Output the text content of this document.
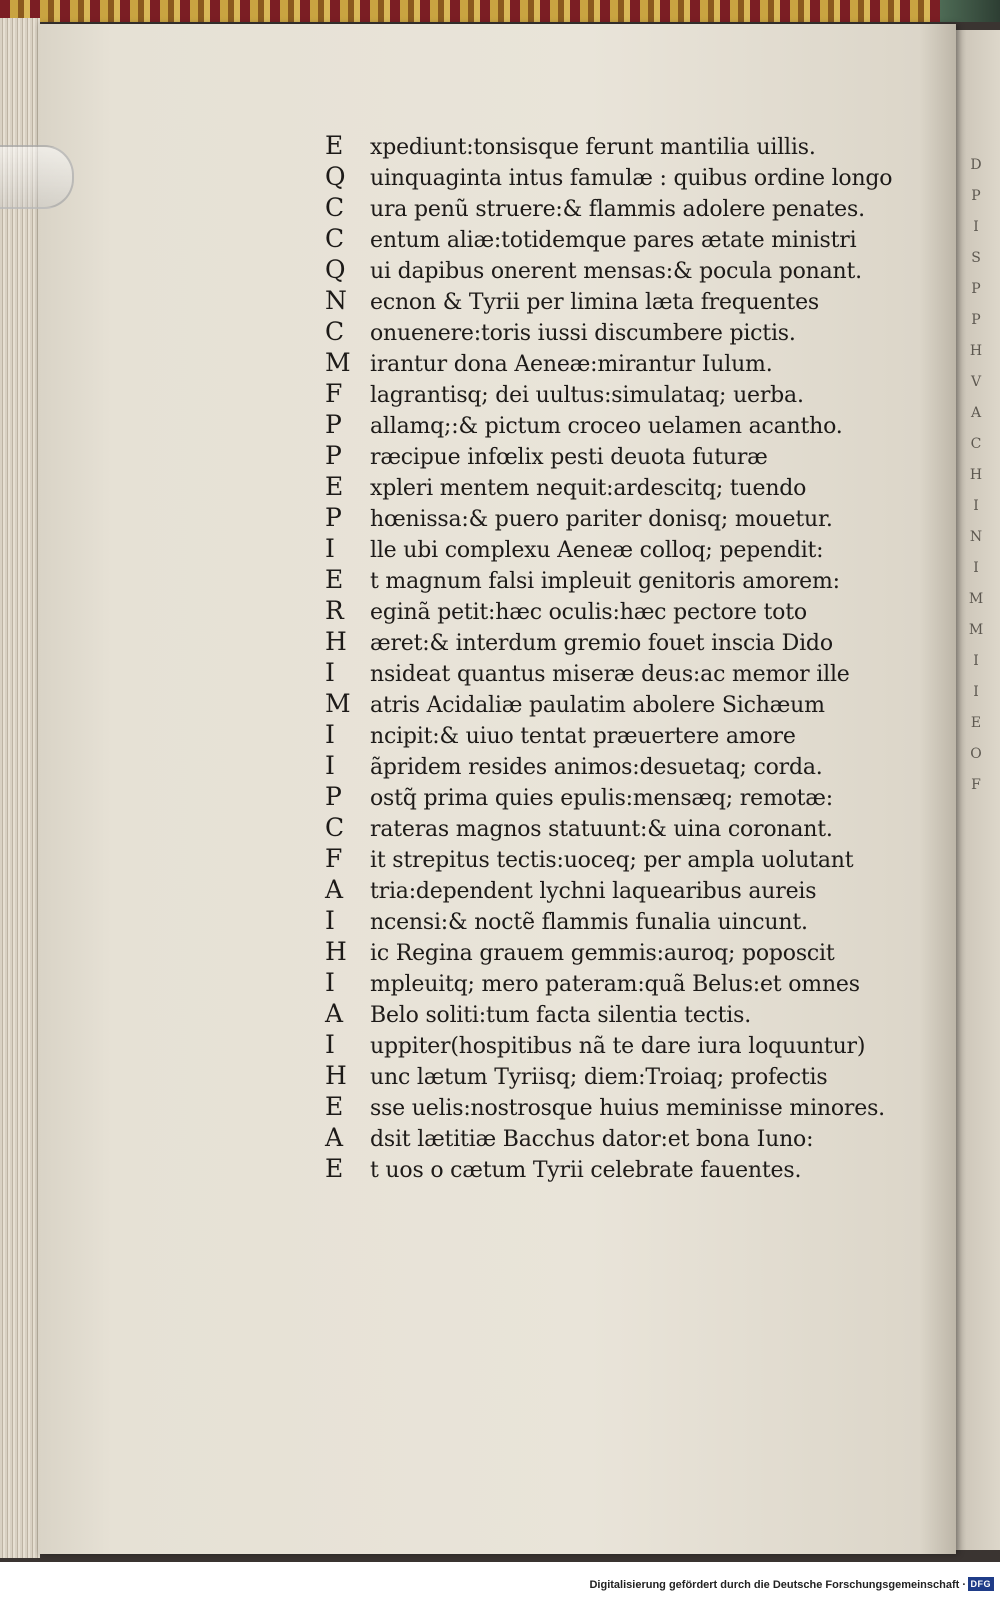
E	xpediunt:tonsisque ferunt mantilia uillis.
Q	uinquaginta intus famulæ : quibus ordine longo
C	ura penũ struere:& flammis adolere penates.
C	entum aliæ:totidemque pares ætate ministri
Q	ui dapibus onerent mensas:& pocula ponant.
N	ecnon & Tyrii per limina læta frequentes
C	onuenere:toris iussi discumbere pictis.
M irantur dona Aeneæ:mirantur Iulum.
F	lagrantisq; dei uultus:simulataq; uerba.
P	allamq;:& pictum croceo uelamen acantho.
P	ræcipue infœlix pesti deuota futuræ
E	xpleri mentem nequit:ardescitq; tuendo
P	hœnissa:& puero pariter donisq; mouetur.
I	lle ubi complexu Aeneæ colloq; pependit:
E	t magnum falsi impleuit genitoris amorem:
R	eginã petit:hæc oculis:hæc pectore toto
H	æret:& interdum gremio fouet inscia Dido
I	nsideat quantus miseræ deus:ac memor ille
M atris Acidaliæ paulatim abolere Sichæum
I	ncipit:& uiuo tentat præuertere amore
I	ãpridem resides animos:desuetaq; corda.
P	ostq̃ prima quies epulis:mensæq; remotæ:
C	rateras magnos statuunt:& uina coronant.
F	it strepitus tectis:uoceq; per ampla uolutant
A	tria:dependent lychni laquearibus aureis
I	ncensi:& noctẽ flammis funalia uincunt.
H	ic Regina grauem gemmis:auroq; poposcit
I	mpleuitq; mero pateram:quã Belus:et omnes
A	Belo soliti:tum facta silentia tectis.
I	uppiter(hospitibus nã te dare iura loquuntur)
H	unc lætum Tyriisq; diem:Troiaq; profectis
E	sse uelis:nostrosque huius meminisse minores.
A	dsit lætitiæ Bacchus dator:et bona Iuno:
E	t uos o cætum Tyrii celebrate fauentes.
D
P
I
S
P
P
H
V
A
C
H
I
N
I
M
M
I
I
E
O
F
Digitalisierung gefördert durch die Deutsche Forschungsgemeinschaft · DFG
